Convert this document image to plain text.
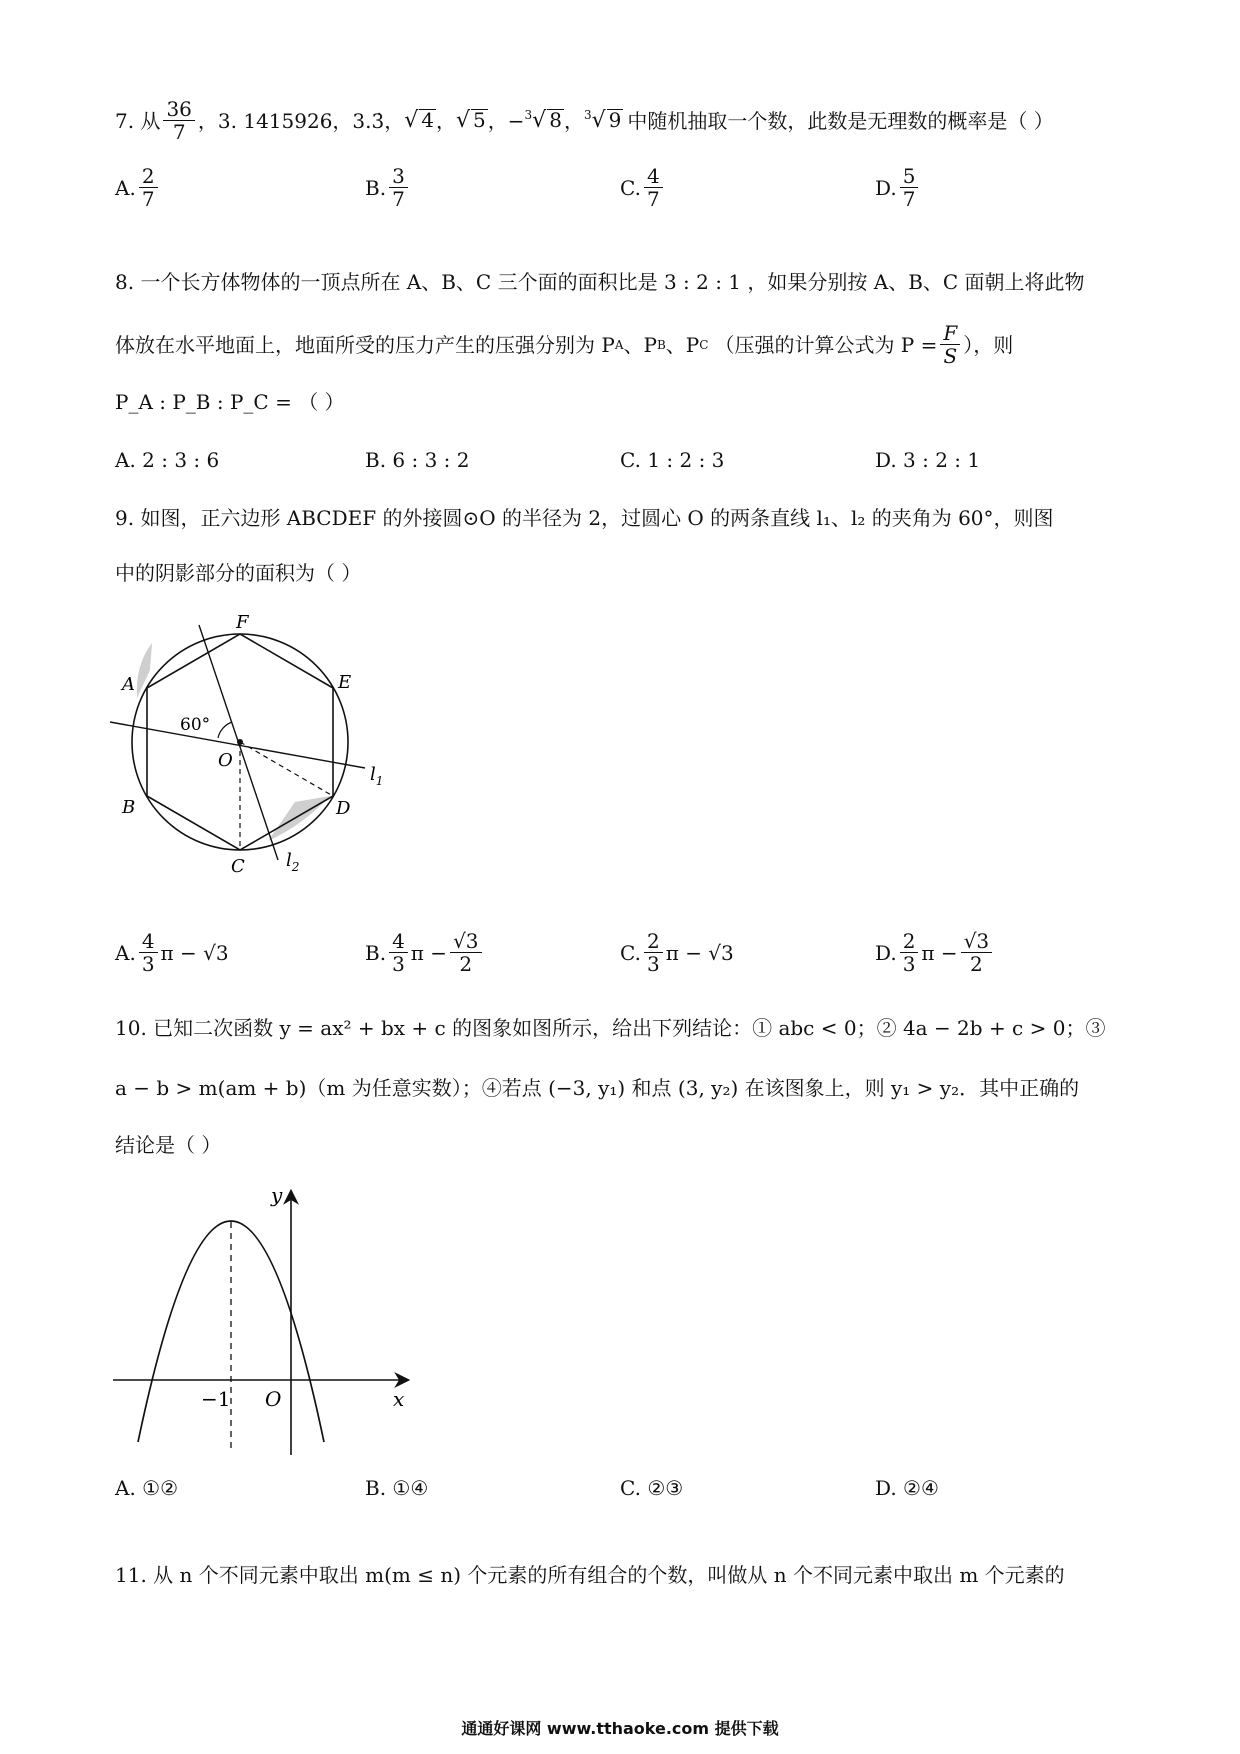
7. 从 $\frac{36}{7}$ ，3. 1415926，3.3̇， √ 4 ， √ 5 ，− $^3$√ 8 ， $^3$√ 9 中随机抽取一个数，此数是无理数的概率是（ ）
A. $\frac{2}{7}$	B. $\frac{3}{7}$	C. $\frac{4}{7}$	D. $\frac{5}{7}$
8. 一个长方体物体的一顶点所在 A、B、C 三个面的面积比是 3 : 2 : 1 ，如果分别按 A、B、C 面朝上将此物
体放在水平地面上，地面所受的压力产生的压强分别为 P A 、P B 、P C （压强的计算公式为 $P = \frac{F}{S}$ ），则
P_A : P_B : P_C = （ ）
A.
2 : 3 : 6	B.
6 : 3 : 2	C.
1 : 2 : 3	D.
3 : 2 : 1
9. 如图，正六边形 ABCDEF 的外接圆⊙O 的半径为 2，过圆心 O 的两条直线 l₁、l₂ 的夹角为 60°，则图
中的阴影部分的面积为（ ）
F
A	E
B	D
C
O
60°
$l_1$
$l_2$
A. $\frac{4}{3}$ π − √3	B. $\frac{4}{3}$ $\pi - \frac{√3}{2}$	C. $\frac{2}{3}$ π − √3	D. $\frac{2}{3}$ $\pi - \frac{√3}{2}$
10. 已知二次函数 y = ax² + bx + c 的图象如图所示，给出下列结论：① abc < 0；② 4a − 2b + c > 0；③
a − b > m(am + b)（m 为任意实数）；④若点 (−3, y₁) 和点 (3, y₂) 在该图象上，则 y₁ > y₂．其中正确的
结论是（ ）
y
x
O
−1
A.
①②	B.
①④	C.
②③	D.
②④
11. 从 n 个不同元素中取出 m(m ≤ n) 个元素的所有组合的个数，叫做从 n 个不同元素中取出 m 个元素的
通通好课网 www.tthaoke.com 提供下载
